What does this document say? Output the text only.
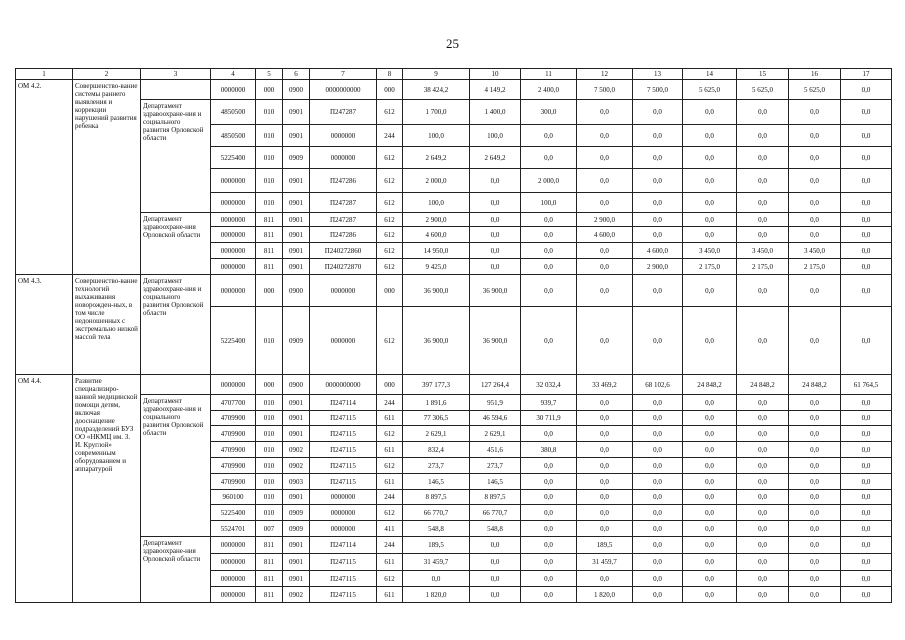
25
1	2	3	4	5	6	7	8	9	10	11	12	13	14	15	16	17
ОМ 4.2.	Совершенство-вание системы раннего выявления и коррекции нарушений развития ребенка		0000000	000	0900	0000000000	000	38 424,2	4 149,2	2 400,0	7 500,0	7 500,0	5 625,0	5 625,0	5 625,0	0,0
		Департамент здравоохране-ния и социального развития Орловской области	4850500	010	0901	П247287	612	1 700,0	1 400,0	300,0	0,0	0,0	0,0	0,0	0,0	0,0
			4850500	010	0901	0000000	244	100,0	100,0	0,0	0,0	0,0	0,0	0,0	0,0	0,0
			5225400	010	0909	0000000	612	2 649,2	2 649,2	0,0	0,0	0,0	0,0	0,0	0,0	0,0
			0000000	010	0901	П247286	612	2 000,0	0,0	2 000,0	0,0	0,0	0,0	0,0	0,0	0,0
			0000000	010	0901	П247287	612	100,0	0,0	100,0	0,0	0,0	0,0	0,0	0,0	0,0
		Департамент здравоохране-ния Орловской области	0000000	811	0901	П247287	612	2 900,0	0,0	0,0	2 900,0	0,0	0,0	0,0	0,0	0,0
			0000000	811	0901	П247286	612	4 600,0	0,0	0,0	4 600,0	0,0	0,0	0,0	0,0	0,0
			0000000	811	0901	П240272860	612	14 950,0	0,0	0,0	0,0	4 600,0	3 450,0	3 450,0	3 450,0	0,0
			0000000	811	0901	П240272870	612	9 425,0	0,0	0,0	0,0	2 900,0	2 175,0	2 175,0	2 175,0	0,0
ОМ 4.3.	Совершенство-вание технологий выхаживания новорожден-ных, в том числе недоношенных с экстремально низкой массой тела	Департамент здравоохране-ния и социального развития Орловской области	0000000	000	0900	0000000	000	36 900,0	36 900,0	0,0	0,0	0,0	0,0	0,0	0,0	0,0
			5225400	010	0909	0000000	612	36 900,0	36 900,0	0,0	0,0	0,0	0,0	0,0	0,0	0,0
ОМ 4.4.	Развитие специализиро-ванной медицинской помощи детям, включая дооснащение подразделений БУЗ ОО «НКМЦ им. З. И. Круглой» современным оборудованием и аппаратурой		0000000	000	0900	0000000000	000	397 177,3	127 264,4	32 032,4	33 469,2	68 102,6	24 848,2	24 848,2	24 848,2	61 764,5
		Департамент здравоохране-ния и социального развития Орловской области	4707700	010	0901	П247114	244	1 891,6	951,9	939,7	0,0	0,0	0,0	0,0	0,0	0,0
			4709900	010	0901	П247115	611	77 306,5	46 594,6	30 711,9	0,0	0,0	0,0	0,0	0,0	0,0
			4709900	010	0901	П247115	612	2 629,1	2 629,1	0,0	0,0	0,0	0,0	0,0	0,0	0,0
			4709900	010	0902	П247115	611	832,4	451,6	380,8	0,0	0,0	0,0	0,0	0,0	0,0
			4709900	010	0902	П247115	612	273,7	273,7	0,0	0,0	0,0	0,0	0,0	0,0	0,0
			4709900	010	0903	П247115	611	146,5	146,5	0,0	0,0	0,0	0,0	0,0	0,0	0,0
			960100	010	0901	0000000	244	8 897,5	8 897,5	0,0	0,0	0,0	0,0	0,0	0,0	0,0
			5225400	010	0909	0000000	612	66 770,7	66 770,7	0,0	0,0	0,0	0,0	0,0	0,0	0,0
			5524701	007	0909	0000000	411	548,8	548,8	0,0	0,0	0,0	0,0	0,0	0,0	0,0
		Департамент здравоохране-ния Орловской области	0000000	811	0901	П247114	244	189,5	0,0	0,0	189,5	0,0	0,0	0,0	0,0	0,0
			0000000	811	0901	П247115	611	31 459,7	0,0	0,0	31 459,7	0,0	0,0	0,0	0,0	0,0
			0000000	811	0901	П247115	612	0,0	0,0	0,0	0,0	0,0	0,0	0,0	0,0	0,0
			0000000	811	0902	П247115	611	1 820,0	0,0	0,0	1 820,0	0,0	0,0	0,0	0,0	0,0
